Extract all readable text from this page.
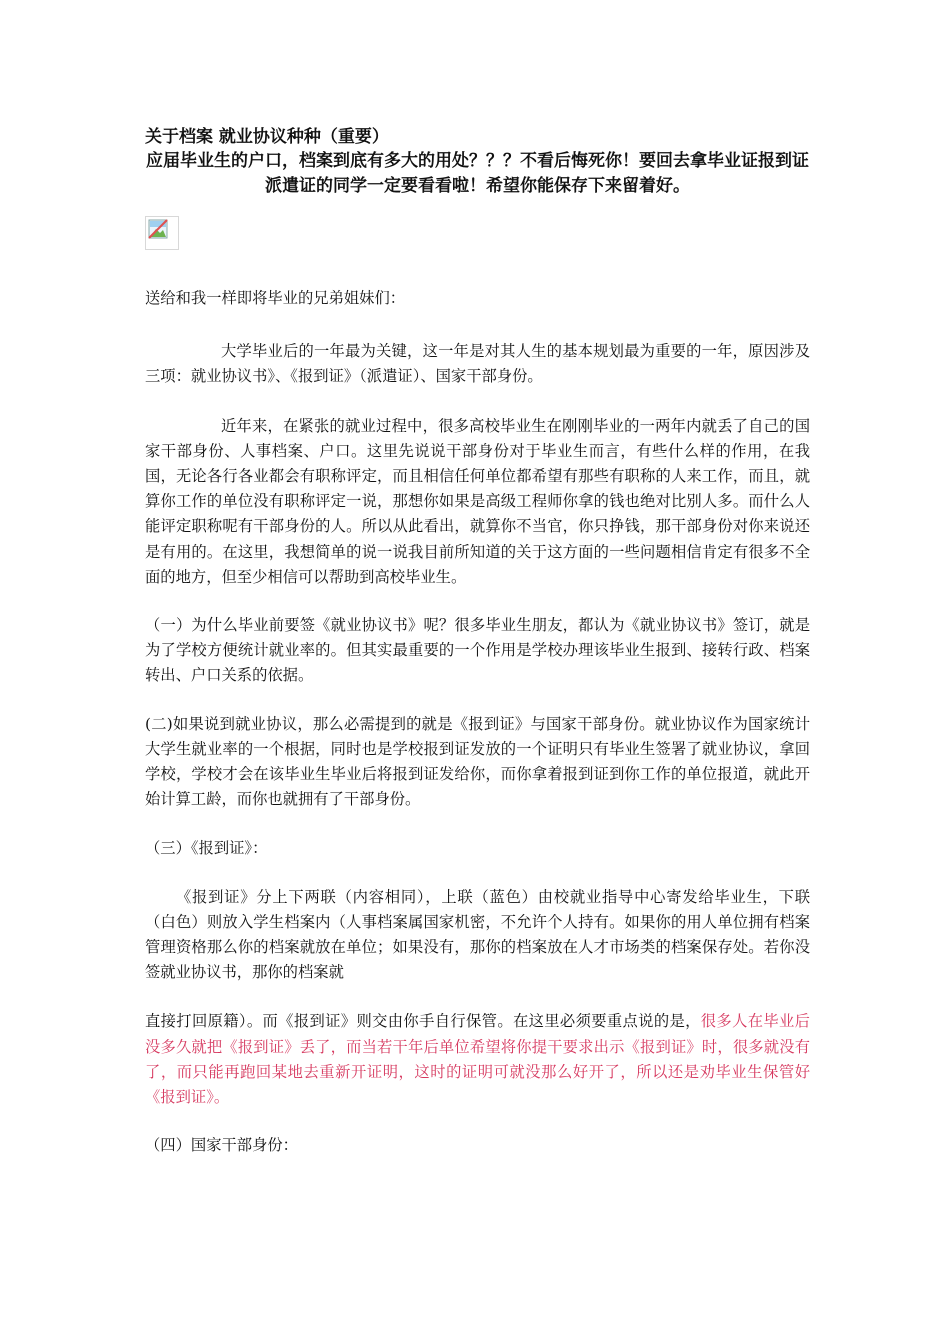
关于档案 就业协议种种（重要）
应届毕业生的户口，档案到底有多大的用处？？？不看后悔死你！要回去拿毕业证报到证派遣证的同学一定要看看啦！希望你能保存下来留着好。

送给和我一样即将毕业的兄弟姐妹们：

大学毕业后的一年最为关键，这一年是对其人生的基本规划最为重要的一年，原因涉及三项：就业协议书》、《报到证》（派遣证）、国家干部身份。

近年来，在紧张的就业过程中，很多高校毕业生在刚刚毕业的一两年内就丢了自己的国家干部身份、人事档案、户口。这里先说说干部身份对于毕业生而言，有些什么样的作用，在我国，无论各行各业都会有职称评定，而且相信任何单位都希望有那些有职称的人来工作，而且，就算你工作的单位没有职称评定一说，那想你如果是高级工程师你拿的钱也绝对比别人多。而什么人能评定职称呢有干部身份的人。所以从此看出，就算你不当官，你只挣钱，那干部身份对你来说还是有用的。在这里，我想简单的说一说我目前所知道的关于这方面的一些问题相信肯定有很多不全面的地方，但至少相信可以帮助到高校毕业生。

（一）为什么毕业前要签《就业协议书》呢？很多毕业生朋友，都认为《就业协议书》签订，就是为了学校方便统计就业率的。但其实最重要的一个作用是学校办理该毕业生报到、接转行政、档案转出、户口关系的依据。

(二)如果说到就业协议，那么必需提到的就是《报到证》与国家干部身份。就业协议作为国家统计大学生就业率的一个根据，同时也是学校报到证发放的一个证明只有毕业生签署了就业协议，拿回学校，学校才会在该毕业生毕业后将报到证发给你，而你拿着报到证到你工作的单位报道，就此开始计算工龄，而你也就拥有了干部身份。

（三）《报到证》：

《报到证》分上下两联（内容相同），上联（蓝色）由校就业指导中心寄发给毕业生，下联（白色）则放入学生档案内（人事档案属国家机密，不允许个人持有。如果你的用人单位拥有档案管理资格那么你的档案就放在单位；如果没有，那你的档案放在人才市场类的档案保存处。若你没签就业协议书，那你的档案就

直接打回原籍）。而《报到证》则交由你手自行保管。在这里必须要重点说的是，很多人在毕业后没多久就把《报到证》丢了，而当若干年后单位希望将你提干要求出示《报到证》时，很多就没有了，而只能再跑回某地去重新开证明，这时的证明可就没那么好开了，所以还是劝毕业生保管好《报到证》。

（四）国家干部身份：
